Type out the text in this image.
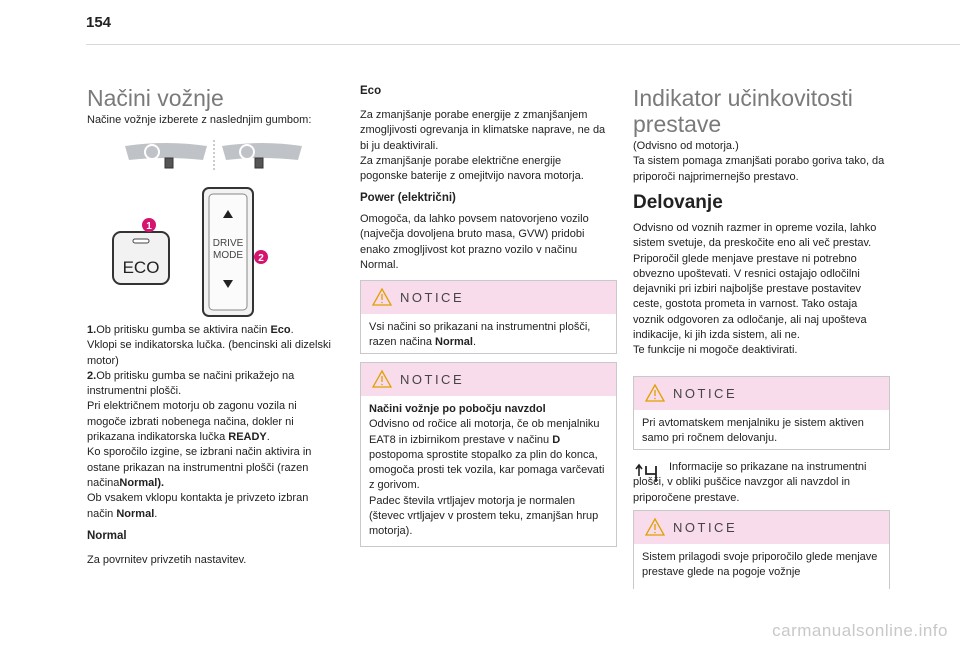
154
Načini vožnje

Načine vožnje izberete z naslednjim gumbom:

DRIVE
MODE
ECO
1
2

1.Ob pritisku gumba se aktivira način Eco.
Vklopi se indikatorska lučka. (bencinski ali dizelski motor)
2.Ob pritisku gumba se načini prikažejo na instrumentni plošči.
Pri električnem motorju ob zagonu vozila ni mogoče izbrati nobenega načina, dokler ni prikazana indikatorska lučka READY.
Ko sporočilo izgine, se izbrani način aktivira in ostane prikazan na instrumentni plošči (razen načinaNormal).
Ob vsakem vklopu kontakta je privzeto izbran način Normal.

Normal

Za povrnitev privzetih nastavitev.

Eco

Za zmanjšanje porabe energije z zmanjšanjem zmogljivosti ogrevanja in klimatske naprave, ne da bi ju deaktivirali.
Za zmanjšanje porabe električne energije pogonske baterije z omejitvijo navora motorja.

Power (električni)

Omogoča, da lahko povsem natovorjeno vozilo (največja dovoljena bruto masa, GVW) pridobi enako zmogljivost kot prazno vozilo v načinu Normal.

NOTICE

Vsi načini so prikazani na instrumentni plošči, razen načina Normal.

NOTICE

Načini vožnje po pobočju navzdol
Odvisno od ročice ali motorja, če ob menjalniku EAT8 in izbirnikom prestave v načinu D postopoma sprostite stopalko za plin do konca, omogoča prosti tek vozila, kar pomaga varčevati z gorivom.
Padec števila vrtljajev motorja je normalen (števec vrtljajev v prostem teku, zmanjšan hrup motorja).

Indikator učinkovitosti
prestave

(Odvisno od motorja.)
Ta sistem pomaga zmanjšati porabo goriva tako, da priporoči najprimernejšo prestavo.

Delovanje

Odvisno od voznih razmer in opreme vozila, lahko sistem svetuje, da preskočite eno ali več prestav.
Priporočil glede menjave prestave ni potrebno obvezno upoštevati. V resnici ostajajo odločilni dejavniki pri izbiri najboljše prestave postavitev ceste, gostota prometa in varnost. Tako ostaja voznik odgovoren za odločanje, ali naj upošteva indikacije, ki jih izda sistem, ali ne.
Te funkcije ni mogoče deaktivirati.

NOTICE

Pri avtomatskem menjalniku je sistem aktiven samo pri ročnem delovanju.

Informacije so prikazane na instrumentni plošči, v obliki puščice navzgor ali navzdol in priporočene prestave.

NOTICE

Sistem prilagodi svoje priporočilo glede menjave prestave glede na pogoje vožnje

carmanualsonline.info
